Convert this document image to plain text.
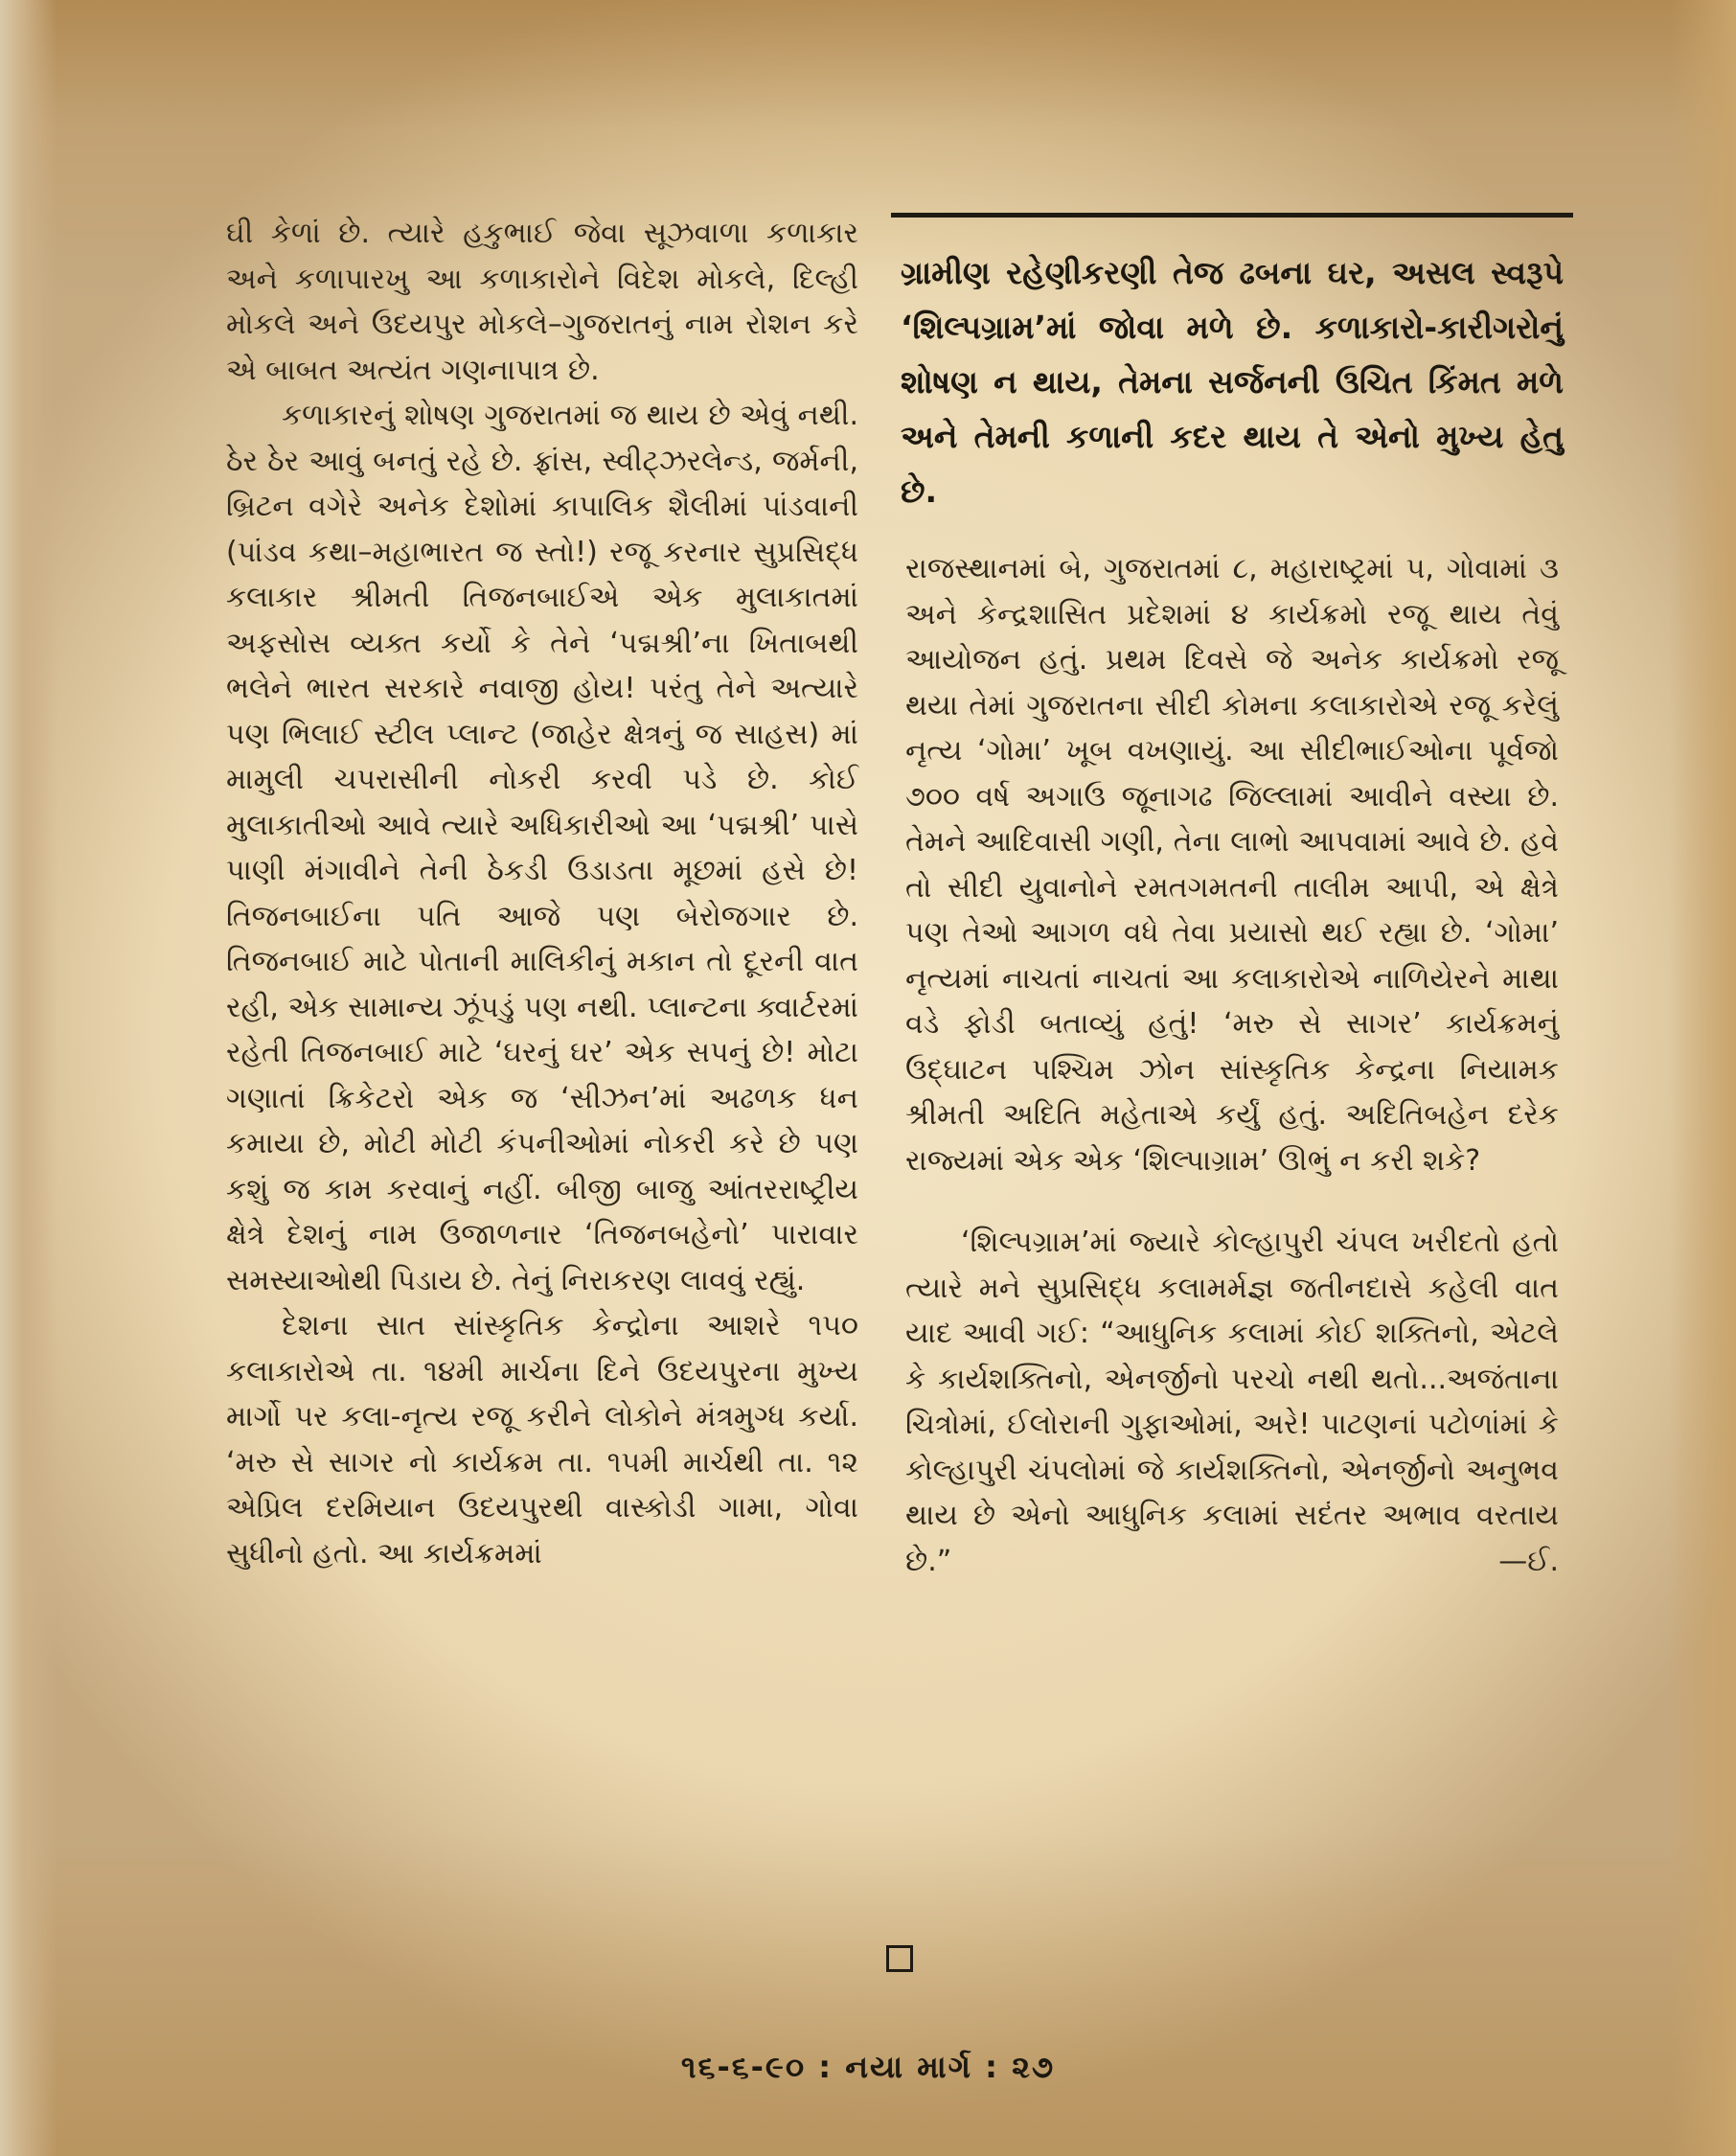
ઘી કેળાં છે. ત્યારે હકુભાઈ જેવા સૂઝવાળા કળાકાર અને કળાપારખુ આ કળાકારોને વિદેશ મોકલે, દિલ્હી મોકલે અને ઉદયપુર મોકલે–ગુજરાતનું નામ રોશન કરે એ બાબત અત્યંત ગણનાપાત્ર છે.

કળાકારનું શોષણ ગુજરાતમાં જ થાય છે એવું નથી. ઠેર ઠેર આવું બનતું રહે છે. ફ્રાંસ, સ્વીટ્ઝરલેન્ડ, જર્મની, બ્રિટન વગેરે અનેક દેશોમાં કાપાલિક શૈલીમાં પાંડવાની (પાંડવ કથા–મહાભારત જ સ્તો!) રજૂ કરનાર સુપ્રસિદ્ધ કલાકાર શ્રીમતી તિજનબાઈએ એક મુલાકાતમાં અફસોસ વ્યક્ત કર્યો કે તેને ‘પદ્મશ્રી’ના ખિતાબથી ભલેને ભારત સરકારે નવાજી હોય! પરંતુ તેને અત્યારે પણ ભિલાઈ સ્ટીલ પ્લાન્ટ (જાહેર ક્ષેત્રનું જ સાહસ) માં મામુલી ચપરાસીની નોકરી કરવી પડે છે. કોઈ મુલાકાતીઓ આવે ત્યારે અધિકારીઓ આ ‘પદ્મશ્રી’ પાસે પાણી મંગાવીને તેની ઠેકડી ઉડાડતા મૂછમાં હસે છે! તિજનબાઈના પતિ આજે પણ બેરોજગાર છે. તિજનબાઈ માટે પોતાની માલિકીનું મકાન તો દૂરની વાત રહી, એક સામાન્ય ઝૂંપડું પણ નથી. પ્લાન્ટના ક્વાર્ટરમાં રહેતી તિજનબાઈ માટે ‘ઘરનું ઘર’ એક સપનું છે! મોટા ગણાતાં ક્રિકેટરો એક જ ‘સીઝન’માં અઢળક ધન કમાયા છે, મોટી મોટી કંપનીઓમાં નોકરી કરે છે પણ કશું જ કામ કરવાનું નહીં. બીજી બાજુ આંતરરાષ્ટ્રીય ક્ષેત્રે દેશનું નામ ઉજાળનાર ‘તિજનબહેનો’ પારાવાર સમસ્યાઓથી પિડાય છે. તેનું નિરાકરણ લાવવું રહ્યું.

દેશના સાત સાંસ્કૃતિક કેન્દ્રોના આશરે ૧૫૦ કલાકારોએ તા. ૧૪મી માર્ચના દિને ઉદયપુરના મુખ્ય માર્ગો પર કલા-નૃત્ય રજૂ કરીને લોકોને મંત્રમુગ્ધ કર્યા. ‘મરુ સે સાગર નો કાર્યક્રમ તા. ૧૫મી માર્ચથી તા. ૧૨ એપ્રિલ દરમિયાન ઉદયપુરથી વાસ્કોડી ગામા, ગોવા સુધીનો હતો. આ કાર્યક્રમમાં

ગ્રામીણ રહેણીકરણી તેજ ઢબના ઘર, અસલ સ્વરૂપે ‘શિલ્પગ્રામ’માં જોવા મળે છે. કળાકારો-કારીગરોનું શોષણ ન થાય, તેમના સર્જનની ઉચિત કિંમત મળે અને તેમની કળાની કદર થાય તે એનો મુખ્ય હેતુ છે.

રાજસ્થાનમાં બે, ગુજરાતમાં ૮, મહારાષ્ટ્રમાં ૫, ગોવામાં ૩ અને કેન્દ્રશાસિત પ્રદેશમાં ૪ કાર્યક્રમો રજૂ થાય તેવું આયોજન હતું. પ્રથમ દિવસે જે અનેક કાર્યક્રમો રજૂ થયા તેમાં ગુજરાતના સીદી કોમના કલાકારોએ રજૂ કરેલું નૃત્ય ‘ગોમા’ ખૂબ વખણાયું. આ સીદીભાઈઓના પૂર્વજો ૭૦૦ વર્ષ અગાઉ જૂનાગઢ જિલ્લામાં આવીને વસ્યા છે. તેમને આદિવાસી ગણી, તેના લાભો આપવામાં આવે છે. હવે તો સીદી યુવાનોને રમતગમતની તાલીમ આપી, એ ક્ષેત્રે પણ તેઓ આગળ વધે તેવા પ્રયાસો થઈ રહ્યા છે. ‘ગોમા’ નૃત્યમાં નાચતાં નાચતાં આ કલાકારોએ નાળિયેરને માથા વડે ફોડી બતાવ્યું હતું! ‘મરુ સે સાગર’ કાર્યક્રમનું ઉદ્ઘાટન પશ્ચિમ ઝોન સાંસ્કૃતિક કેન્દ્રના નિયામક શ્રીમતી અદિતિ મહેતાએ કર્યું હતું. અદિતિબહેન દરેક રાજ્યમાં એક એક ‘શિલ્પાગ્રામ’ ઊભું ન કરી શકે?

‘શિલ્પગ્રામ’માં જ્યારે કોલ્હાપુરી ચંપલ ખરીદતો હતો ત્યારે મને સુપ્રસિદ્ધ કલામર્મજ્ઞ જતીનદાસે કહેલી વાત યાદ આવી ગઈ: “આધુનિક કલામાં કોઈ શક્તિનો, એટલે કે કાર્યશક્તિનો, એનર્જીનો પરચો નથી થતો...અજંતાના ચિત્રોમાં, ઈલોરાની ગુફાઓમાં, અરે! પાટણનાં પટોળાંમાં કે કોલ્હાપુરી ચંપલોમાં જે કાર્યશક્તિનો, એનર્જીનો અનુભવ થાય છે એનો આધુનિક કલામાં સદંતર અભાવ વરતાય છે.”	—ઈ.
૧૬-૬-૯૦ : નયા માર્ગ : ૨૭
